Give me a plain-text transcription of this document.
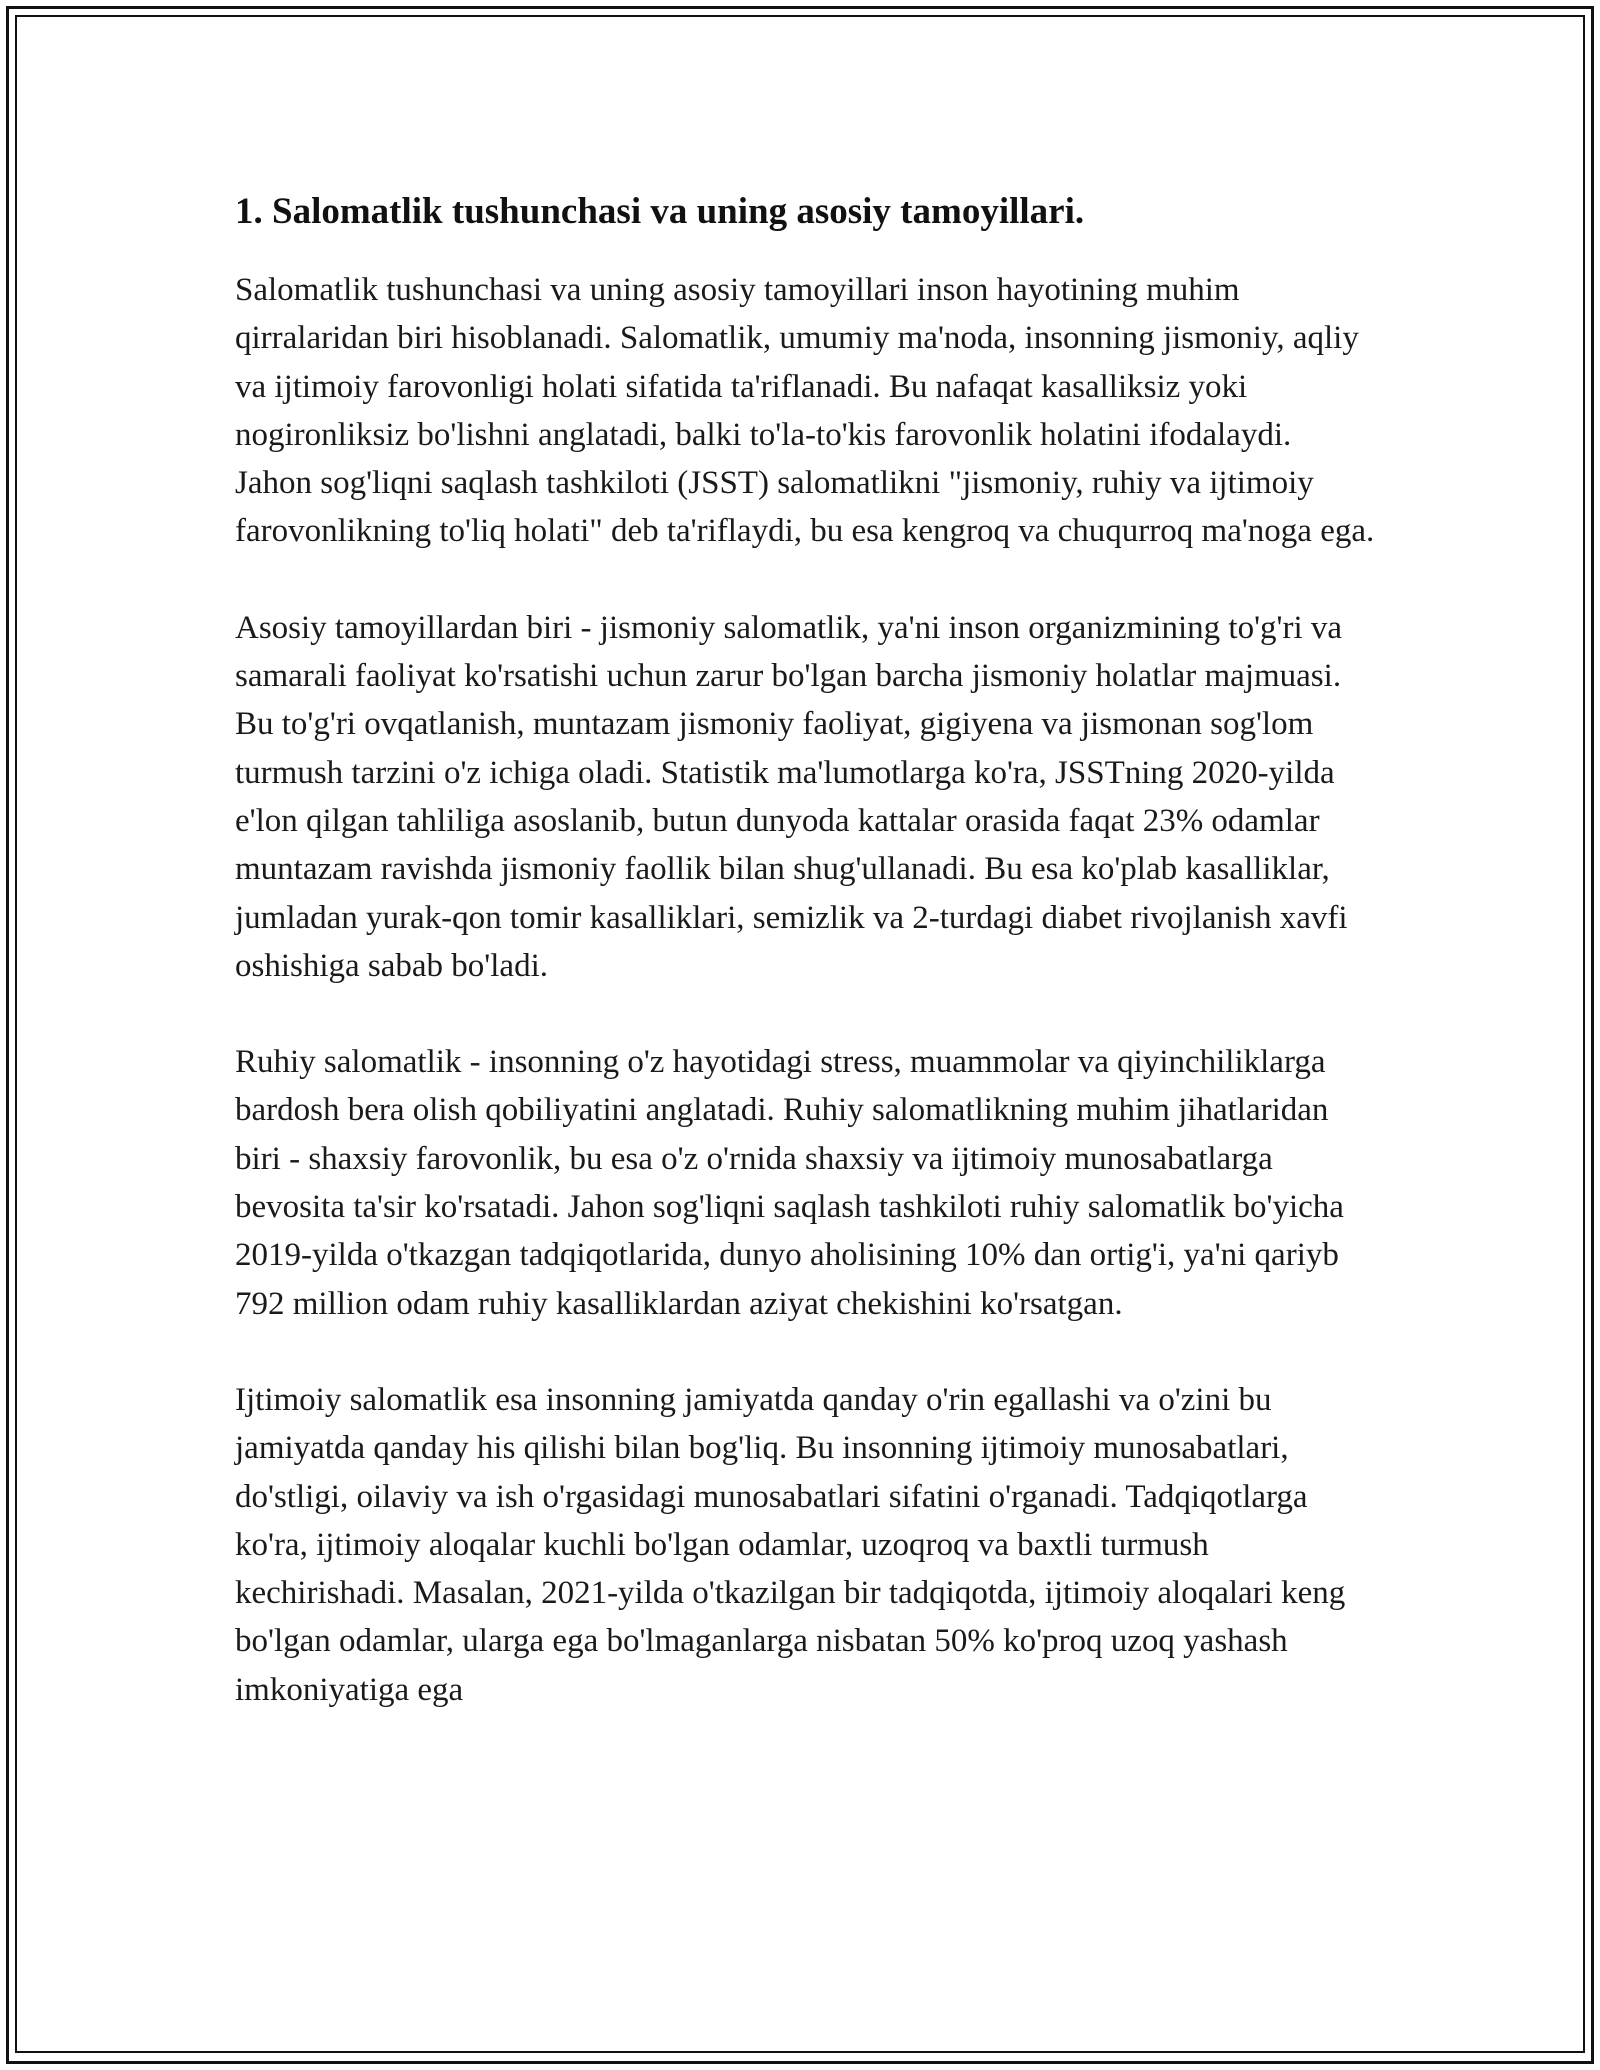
1. Salomatlik tushunchasi va uning asosiy tamoyillari.

Salomatlik tushunchasi va uning asosiy tamoyillari inson hayotining muhim qirralaridan biri hisoblanadi. Salomatlik, umumiy ma'noda, insonning jismoniy, aqliy va ijtimoiy farovonligi holati sifatida ta'riflanadi. Bu nafaqat kasalliksiz yoki nogironliksiz bo'lishni anglatadi, balki to'la-to'kis farovonlik holatini ifodalaydi. Jahon sog'liqni saqlash tashkiloti (JSST) salomatlikni "jismoniy, ruhiy va ijtimoiy farovonlikning to'liq holati" deb ta'riflaydi, bu esa kengroq va chuqurroq ma'noga ega.

Asosiy tamoyillardan biri - jismoniy salomatlik, ya'ni inson organizmining to'g'ri va samarali faoliyat ko'rsatishi uchun zarur bo'lgan barcha jismoniy holatlar majmuasi. Bu to'g'ri ovqatlanish, muntazam jismoniy faoliyat, gigiyena va jismonan sog'lom turmush tarzini o'z ichiga oladi. Statistik ma'lumotlarga ko'ra, JSSTning 2020-yilda e'lon qilgan tahliliga asoslanib, butun dunyoda kattalar orasida faqat 23% odamlar muntazam ravishda jismoniy faollik bilan shug'ullanadi. Bu esa ko'plab kasalliklar, jumladan yurak-qon tomir kasalliklari, semizlik va 2-turdagi diabet rivojlanish xavfi oshishiga sabab bo'ladi.

Ruhiy salomatlik - insonning o'z hayotidagi stress, muammolar va qiyinchiliklarga bardosh bera olish qobiliyatini anglatadi. Ruhiy salomatlikning muhim jihatlaridan biri - shaxsiy farovonlik, bu esa o'z o'rnida shaxsiy va ijtimoiy munosabatlarga bevosita ta'sir ko'rsatadi. Jahon sog'liqni saqlash tashkiloti ruhiy salomatlik bo'yicha 2019-yilda o'tkazgan tadqiqotlarida, dunyo aholisining 10% dan ortig'i, ya'ni qariyb 792 million odam ruhiy kasalliklardan aziyat chekishini ko'rsatgan.

Ijtimoiy salomatlik esa insonning jamiyatda qanday o'rin egallashi va o'zini bu jamiyatda qanday his qilishi bilan bog'liq. Bu insonning ijtimoiy munosabatlari, do'stligi, oilaviy va ish o'rgasidagi munosabatlari sifatini o'rganadi. Tadqiqotlarga ko'ra, ijtimoiy aloqalar kuchli bo'lgan odamlar, uzoqroq va baxtli turmush kechirishadi. Masalan, 2021-yilda o'tkazilgan bir tadqiqotda, ijtimoiy aloqalari keng bo'lgan odamlar, ularga ega bo'lmaganlarga nisbatan 50% ko'proq uzoq yashash imkoniyatiga ega
